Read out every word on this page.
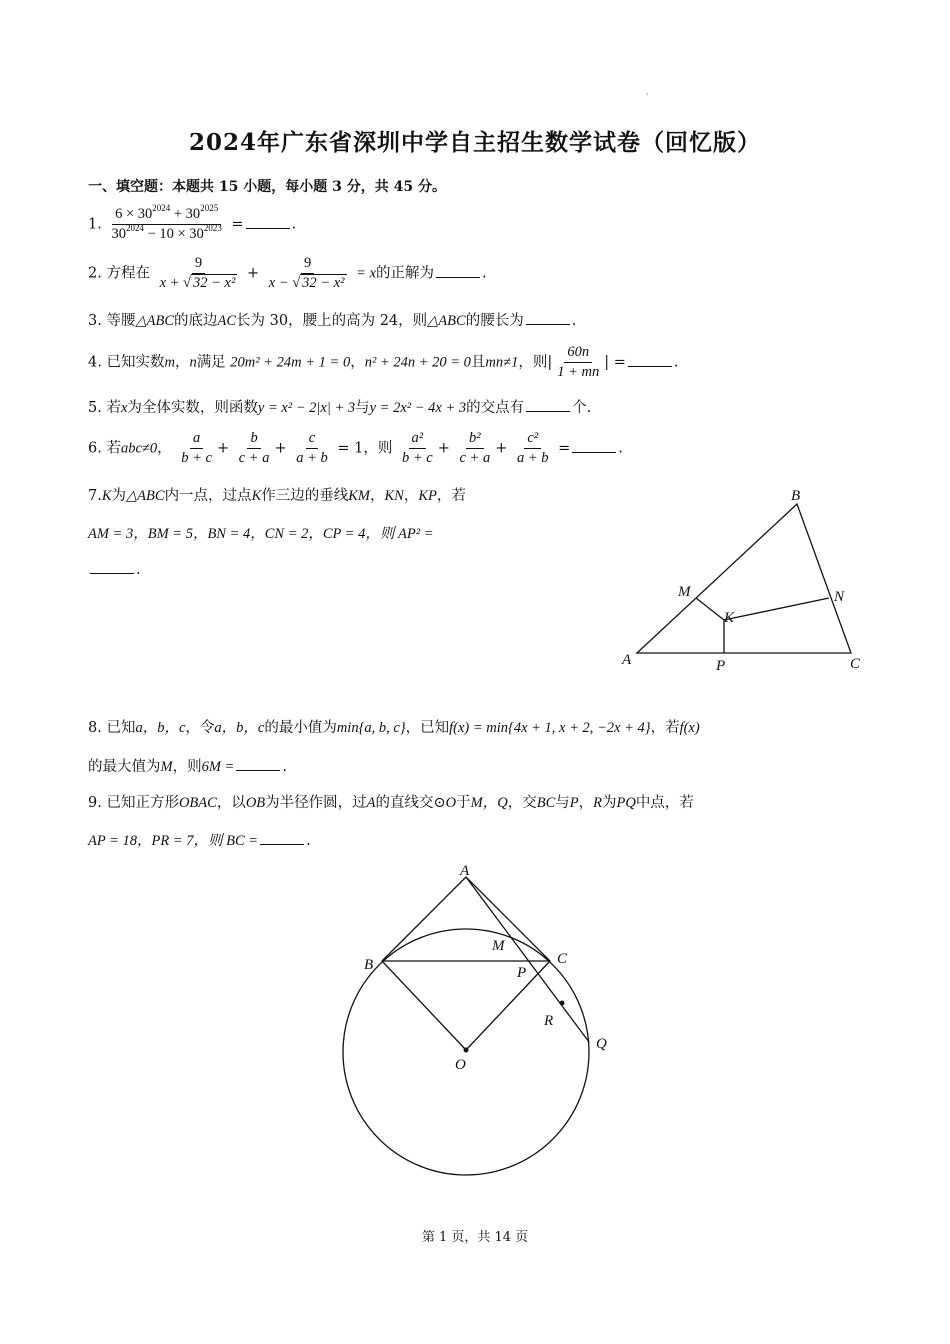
'
2024年广东省深圳中学自主招生数学试卷（回忆版）
一、填空题：本题共 15 小题，每小题 3 分，共 45 分。
1. $\frac{6 \times 30^{2024} + 30^{2025}}{30^{2024} - 10 \times 30^{2023}}$ =	.
2. 方程在 $\frac{9}{\text{x + √ 32 − x²}} + \frac{9}{\text{x − √ 32 − x²}} = x$的正解为	.
3. 等腰△ABC的底边AC长为 30，腰上的高为 24，则△ABC的腰长为	.
4. 已知实数m，n满足 20m² + 24m + 1 = 0，n² + 24n + 20 = 0且mn≠1，则| $\frac{60n}{1 + mn}$ | =	.
5. 若x为全体实数，则函数y = x² − 2|x| + 3与y = 2x² − 4x + 3的交点有	个.
6. 若abc≠0， $\frac{a}{b + c} + \frac{b}{c + a} + \frac{c}{a + b} = 1$，则 $\frac{\text{a²}}{b + c} + \frac{\text{b²}}{c + a} + \frac{\text{c²}}{a + b}$ =	.
7.K为△ABC内一点，过点K作三边的垂线KM，KN，KP，若
AM = 3，BM = 5，BN = 4，CN = 2，CP = 4，则 AP² =
.
A
B
C
M	N
K
P
8. 已知a，b，c，令a，b，c的最小值为min{a, b, c}，已知f(x) = min{4x + 1, x + 2, −2x + 4}，若f(x)
的最大值为M，则6M =	.
9. 已知正方形OBAC，以OB为半径作圆，过A的直线交⊙O于M，Q，交BC与P，R为PQ中点，若
AP = 18，PR = 7，则 BC =	.
A
B	C
M
P
R
O
Q
第 1 页，共 14 页
